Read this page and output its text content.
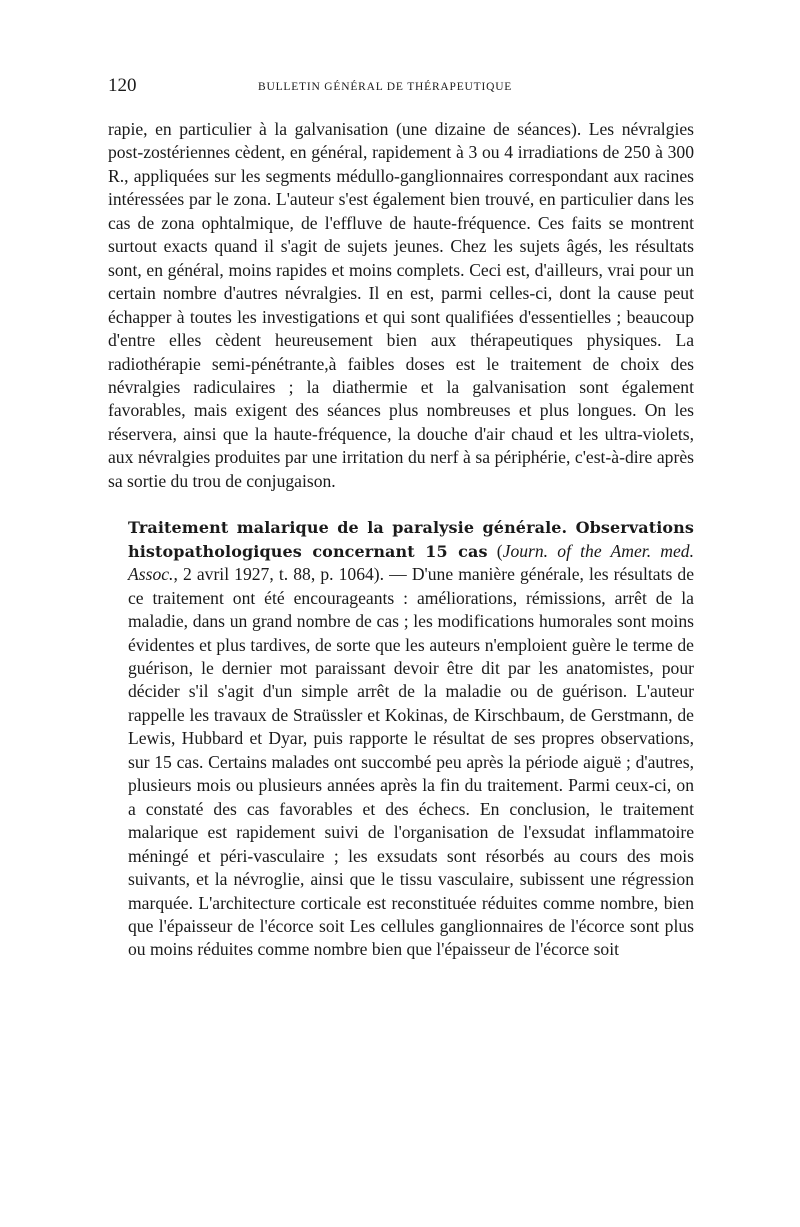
120	BULLETIN GÉNÉRAL DE THÉRAPEUTIQUE

rapie, en particulier à la galvanisation (une dizaine de séances). Les névralgies post-zostériennes cèdent, en général, rapidement à 3 ou 4 irradiations de 250 à 300 R., appliquées sur les segments médullo-ganglionnaires correspondant aux racines intéressées par le zona. L'auteur s'est également bien trouvé, en particulier dans les cas de zona ophtalmique, de l'effluve de haute-fréquence. Ces faits se montrent surtout exacts quand il s'agit de sujets jeunes. Chez les sujets âgés, les résultats sont, en général, moins rapides et moins complets. Ceci est, d'ailleurs, vrai pour un certain nombre d'autres névralgies. Il en est, parmi celles-ci, dont la cause peut échapper à toutes les investigations et qui sont qualifiées d'essentielles ; beaucoup d'entre elles cèdent heureusement bien aux thérapeutiques physiques. La radiothérapie semi-pénétrante,à faibles doses est le traitement de choix des névralgies radiculaires ; la diathermie et la galvanisation sont également favorables, mais exigent des séances plus nombreuses et plus longues. On les réservera, ainsi que la haute-fréquence, la douche d'air chaud et les ultra-violets, aux névralgies produites par une irritation du nerf à sa périphérie, c'est-à-dire après sa sortie du trou de conjugaison.

Traitement malarique de la paralysie générale. Observations histopathologiques concernant 15 cas (Journ. of the Amer. med. Assoc., 2 avril 1927, t. 88, p. 1064). — D'une manière générale, les résultats de ce traitement ont été encourageants : améliorations, rémissions, arrêt de la maladie, dans un grand nombre de cas ; les modifications humorales sont moins évidentes et plus tardives, de sorte que les auteurs n'emploient guère le terme de guérison, le dernier mot paraissant devoir être dit par les anatomistes, pour décider s'il s'agit d'un simple arrêt de la maladie ou de guérison. L'auteur rappelle les travaux de Straüssler et Kokinas, de Kirschbaum, de Gerstmann, de Lewis, Hubbard et Dyar, puis rapporte le résultat de ses propres observations, sur 15 cas. Certains malades ont succombé peu après la période aiguë ; d'autres, plusieurs mois ou plusieurs années après la fin du traitement. Parmi ceux-ci, on a constaté des cas favorables et des échecs. En conclusion, le traitement malarique est rapidement suivi de l'organisation de l'exsudat inflammatoire méningé et péri-vasculaire ; les exsudats sont résorbés au cours des mois suivants, et la névroglie, ainsi que le tissu vasculaire, subissent une régression marquée. L'architecture corticale est reconstituée réduites comme nombre, bien que l'épaisseur de l'écorce soit Les cellules ganglionnaires de l'écorce sont plus ou moins réduites comme nombre bien que l'épaisseur de l'écorce soit
